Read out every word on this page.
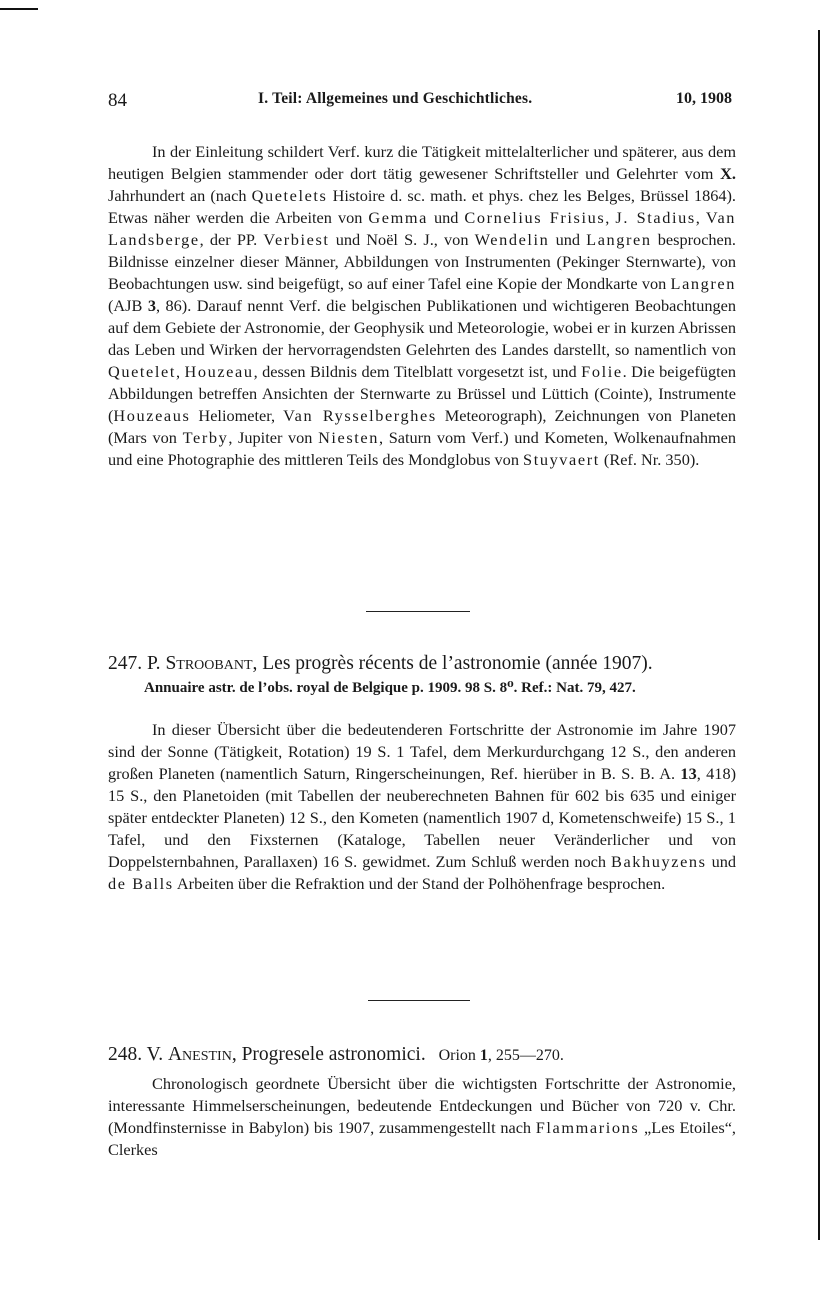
84	I. Teil: Allgemeines und Geschichtliches.	10, 1908

In der Einleitung schildert Verf. kurz die Tätigkeit mittelalterlicher und späterer, aus dem heutigen Belgien stammender oder dort tätig gewesener Schriftsteller und Gelehrter vom X. Jahrhundert an (nach Quetelets Histoire d. sc. math. et phys. chez les Belges, Brüssel 1864). Etwas näher werden die Arbeiten von Gemma und Cornelius Frisius, J. Stadius, Van Landsberge, der PP. Verbiest und Noël S. J., von Wendelin und Langren besprochen. Bildnisse einzelner dieser Männer, Abbildungen von Instrumenten (Pekinger Sternwarte), von Beobachtungen usw. sind beigefügt, so auf einer Tafel eine Kopie der Mondkarte von Langren (AJB 3, 86). Darauf nennt Verf. die belgischen Publikationen und wichtigeren Beobachtungen auf dem Gebiete der Astronomie, der Geophysik und Meteorologie, wobei er in kurzen Abrissen das Leben und Wirken der hervorragendsten Gelehrten des Landes darstellt, so namentlich von Quetelet, Houzeau, dessen Bildnis dem Titelblatt vorgesetzt ist, und Folie. Die beigefügten Abbildungen betreffen Ansichten der Sternwarte zu Brüssel und Lüttich (Cointe), Instrumente (Houzeaus Heliometer, Van Rysselberghes Meteorograph), Zeichnungen von Planeten (Mars von Terby, Jupiter von Niesten, Saturn vom Verf.) und Kometen, Wolkenaufnahmen und eine Photographie des mittleren Teils des Mondglobus von Stuyvaert (Ref. Nr. 350).

247. P. Stroobant, Les progrès récents de l’astronomie (année 1907).
Annuaire astr. de l’obs. royal de Belgique p. 1909. 98 S. 8⁰. Ref.: Nat. 79, 427.

In dieser Übersicht über die bedeutenderen Fortschritte der Astronomie im Jahre 1907 sind der Sonne (Tätigkeit, Rotation) 19 S. 1 Tafel, dem Merkurdurchgang 12 S., den anderen großen Planeten (namentlich Saturn, Ringerscheinungen, Ref. hierüber in B. S. B. A. 13, 418) 15 S., den Planetoiden (mit Tabellen der neuberechneten Bahnen für 602 bis 635 und einiger später entdeckter Planeten) 12 S., den Kometen (namentlich 1907 d, Kometenschweife) 15 S., 1 Tafel, und den Fixsternen (Kataloge, Tabellen neuer Veränderlicher und von Doppelsternbahnen, Parallaxen) 16 S. gewidmet. Zum Schluß werden noch Bakhuyzens und de Balls Arbeiten über die Refraktion und der Stand der Polhöhenfrage besprochen.

248. V. Anestin, Progresele astronomici. Orion 1, 255—270.

Chronologisch geordnete Übersicht über die wichtigsten Fortschritte der Astronomie, interessante Himmelserscheinungen, bedeutende Entdeckungen und Bücher von 720 v. Chr. (Mondfinsternisse in Babylon) bis 1907, zusammengestellt nach Flammarions „Les Etoiles“, Clerkes
